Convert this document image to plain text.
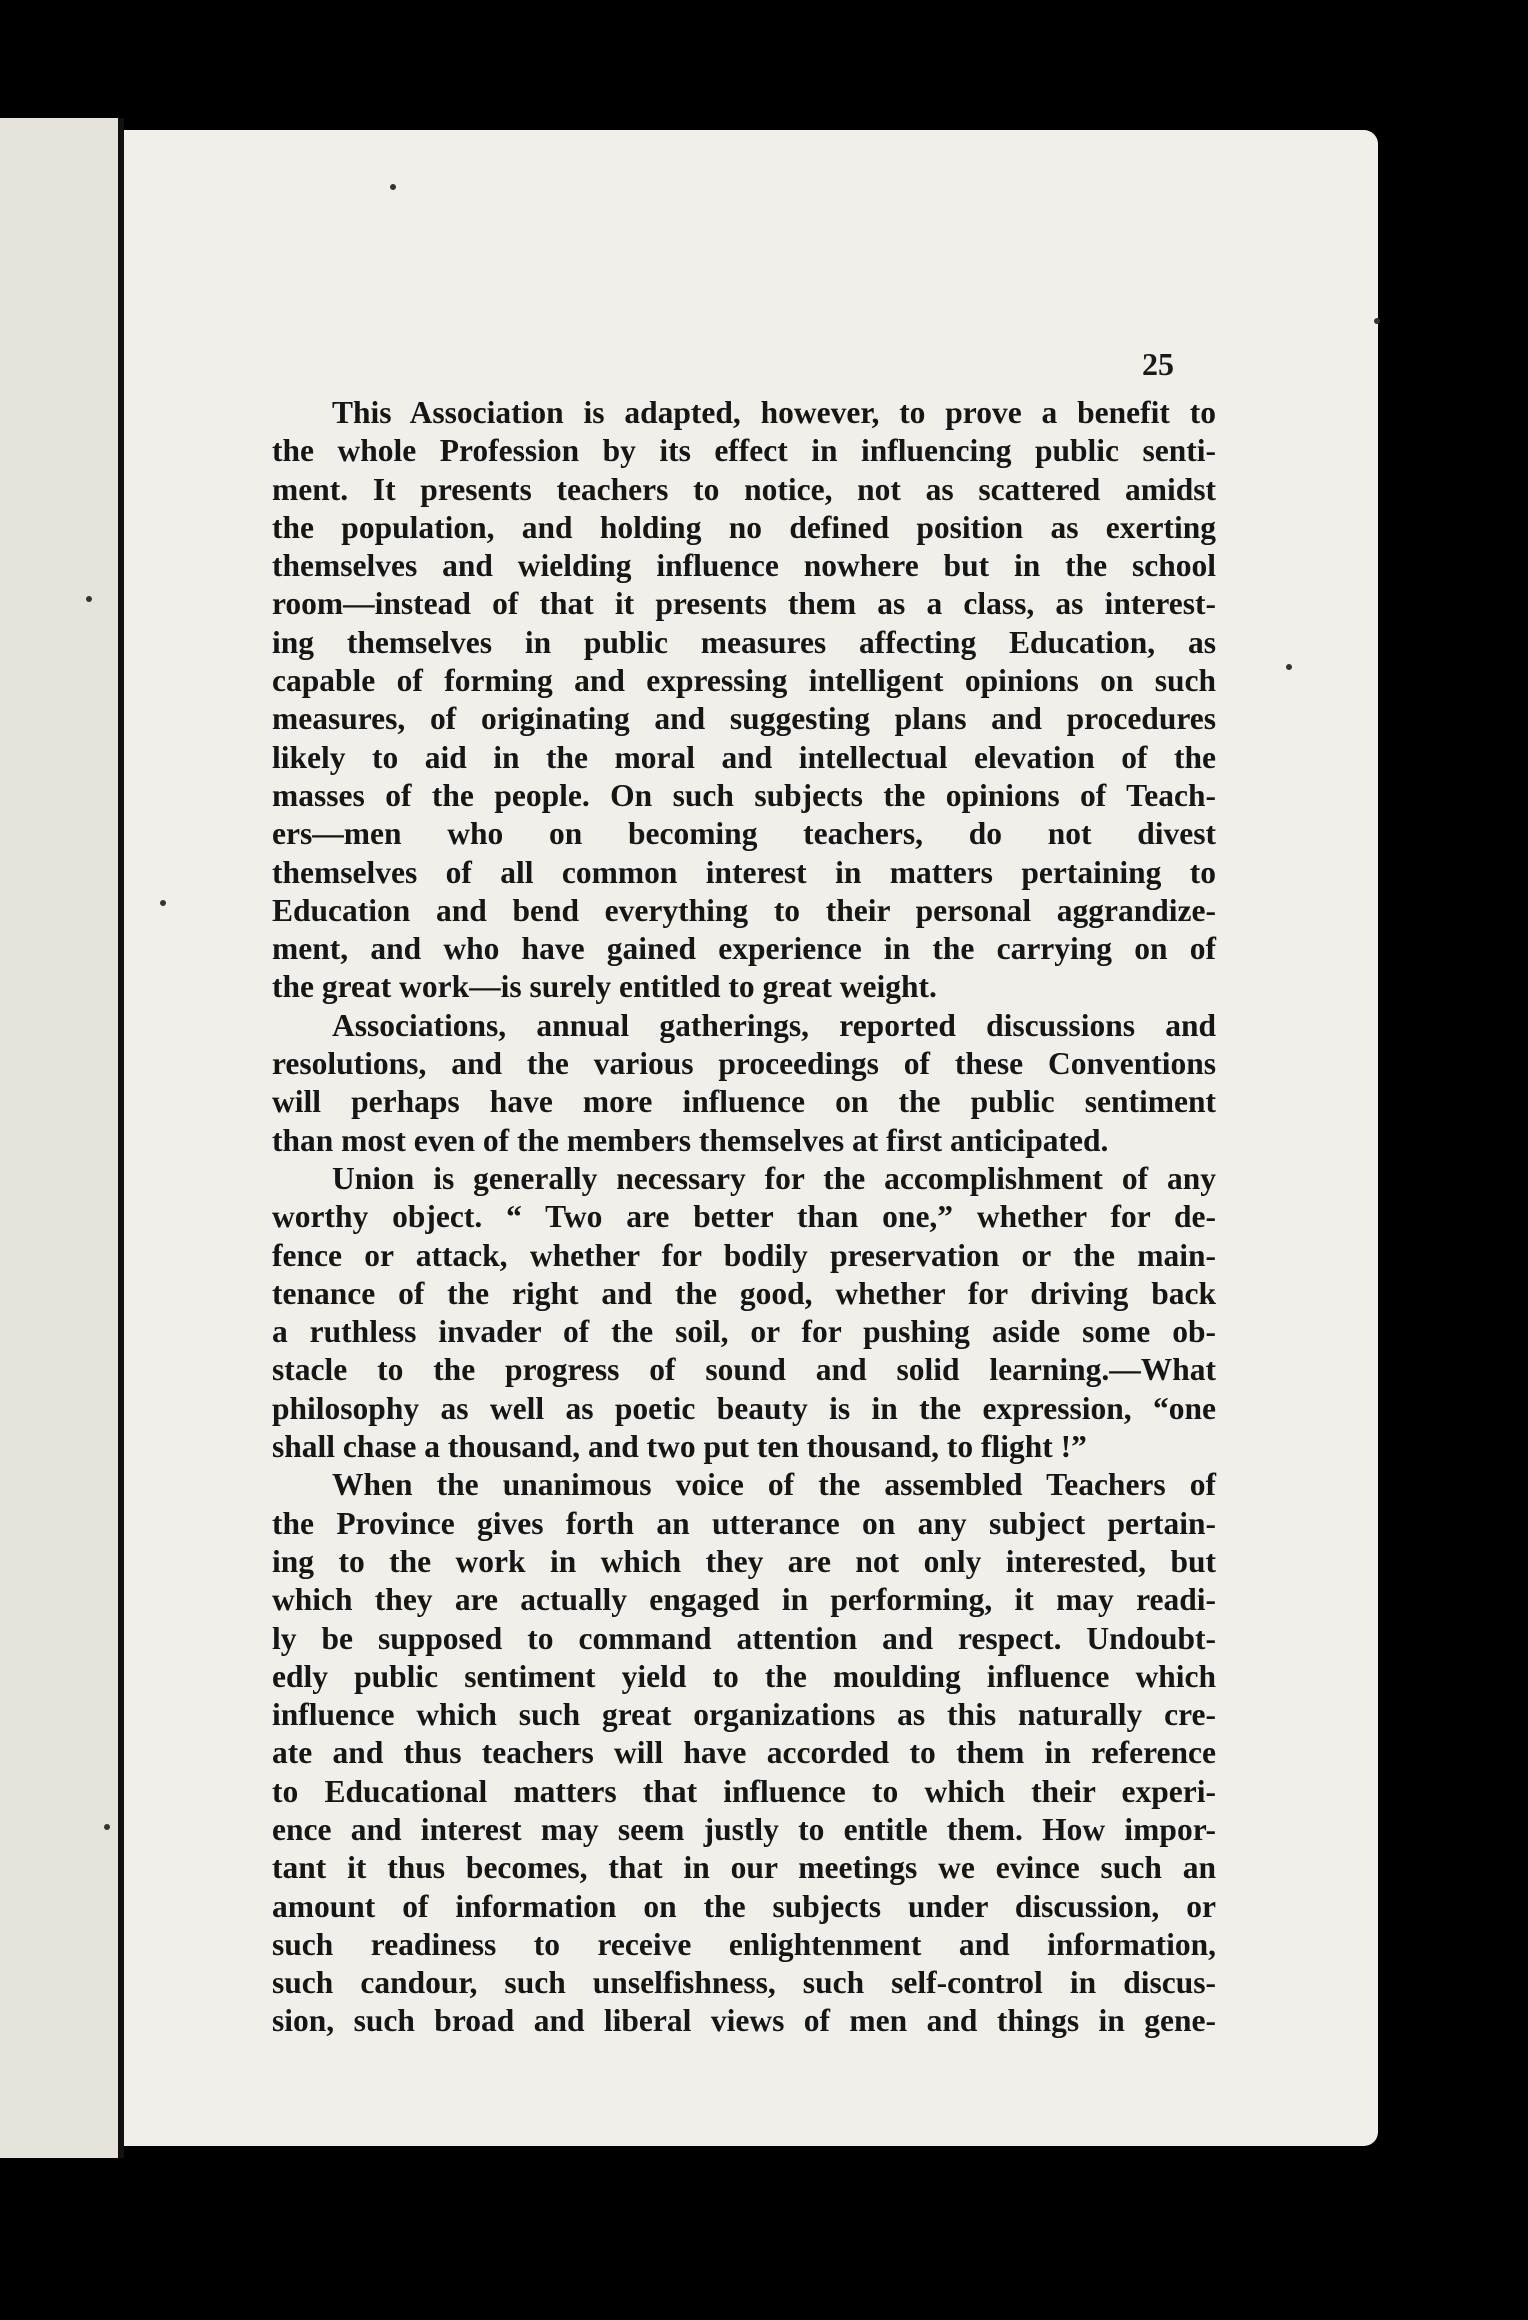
25
This Association is adapted, however, to prove a benefit to
the whole Profession by its effect in influencing public senti-
ment. It presents teachers to notice, not as scattered amidst
the population, and holding no defined position as exerting
themselves and wielding influence nowhere but in the school
room—instead of that it presents them as a class, as interest-
ing themselves in public measures affecting Education, as
capable of forming and expressing intelligent opinions on such
measures, of originating and suggesting plans and procedures
likely to aid in the moral and intellectual elevation of the
masses of the people. On such subjects the opinions of Teach-
ers—men who on becoming teachers, do not divest
themselves of all common interest in matters pertaining to
Education and bend everything to their personal aggrandize-
ment, and who have gained experience in the carrying on of
the great work—is surely entitled to great weight.
Associations, annual gatherings, reported discussions and
resolutions, and the various proceedings of these Conventions
will perhaps have more influence on the public sentiment
than most even of the members themselves at first anticipated.
Union is generally necessary for the accomplishment of any
worthy object. “ Two are better than one,” whether for de-
fence or attack, whether for bodily preservation or the main-
tenance of the right and the good, whether for driving back
a ruthless invader of the soil, or for pushing aside some ob-
stacle to the progress of sound and solid learning.—What
philosophy as well as poetic beauty is in the expression, “one
shall chase a thousand, and two put ten thousand, to flight !”
When the unanimous voice of the assembled Teachers of
the Province gives forth an utterance on any subject pertain-
ing to the work in which they are not only interested, but
which they are actually engaged in performing, it may readi-
ly be supposed to command attention and respect. Undoubt-
edly public sentiment yield to the moulding influence which
influence which such great organizations as this naturally cre-
ate and thus teachers will have accorded to them in reference
to Educational matters that influence to which their experi-
ence and interest may seem justly to entitle them. How impor-
tant it thus becomes, that in our meetings we evince such an
amount of information on the subjects under discussion, or
such readiness to receive enlightenment and information,
such candour, such unselfishness, such self-control in discus-
sion, such broad and liberal views of men and things in gene-
